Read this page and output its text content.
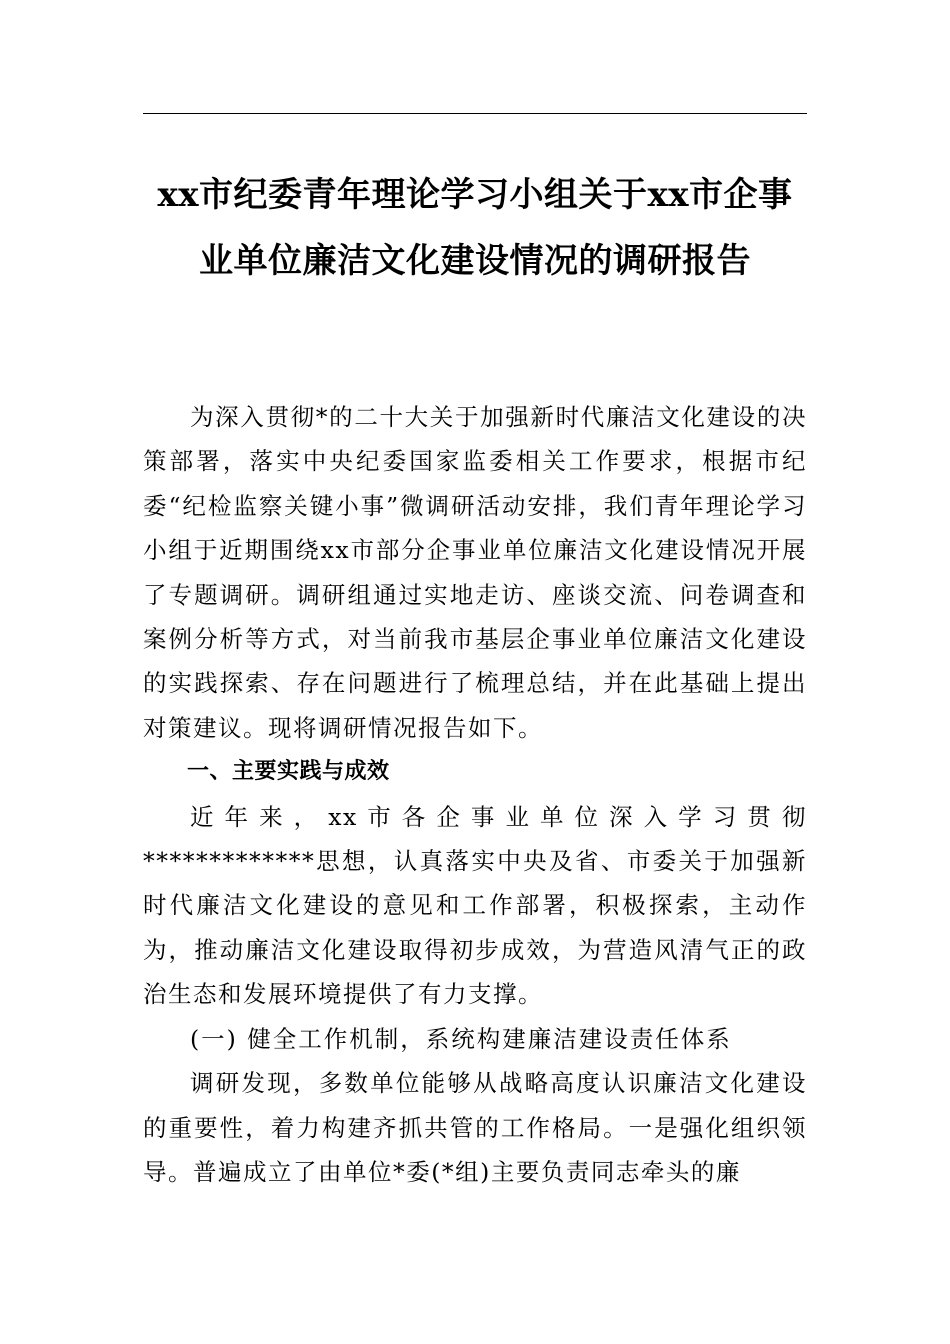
xx市纪委青年理论学习小组关于xx市企事
业单位廉洁文化建设情况的调研报告

为深入贯彻*的二十大关于加强新时代廉洁文化建设的决策部署，落实中央纪委国家监委相关工作要求，根据市纪委“纪检监察关键小事”微调研活动安排，我们青年理论学习小组于近期围绕xx市部分企事业单位廉洁文化建设情况开展了专题调研。调研组通过实地走访、座谈交流、问卷调查和案例分析等方式，对当前我市基层企事业单位廉洁文化建设的实践探索、存在问题进行了梳理总结，并在此基础上提出对策建议。现将调研情况报告如下。

一、主要实践与成效

近 年 来 ， xx 市 各 企 事 业 单 位 深 入 学 习 贯 彻

*************思想，认真落实中央及省、市委关于加强新时代廉洁文化建设的意见和工作部署，积极探索，主动作为，推动廉洁文化建设取得初步成效，为营造风清气正的政治生态和发展环境提供了有力支撑。

(一) 健全工作机制，系统构建廉洁建设责任体系

调研发现，多数单位能够从战略高度认识廉洁文化建设的重要性，着力构建齐抓共管的工作格局。一是强化组织领导。普遍成立了由单位*委(*组)主要负责同志牵头的廉
